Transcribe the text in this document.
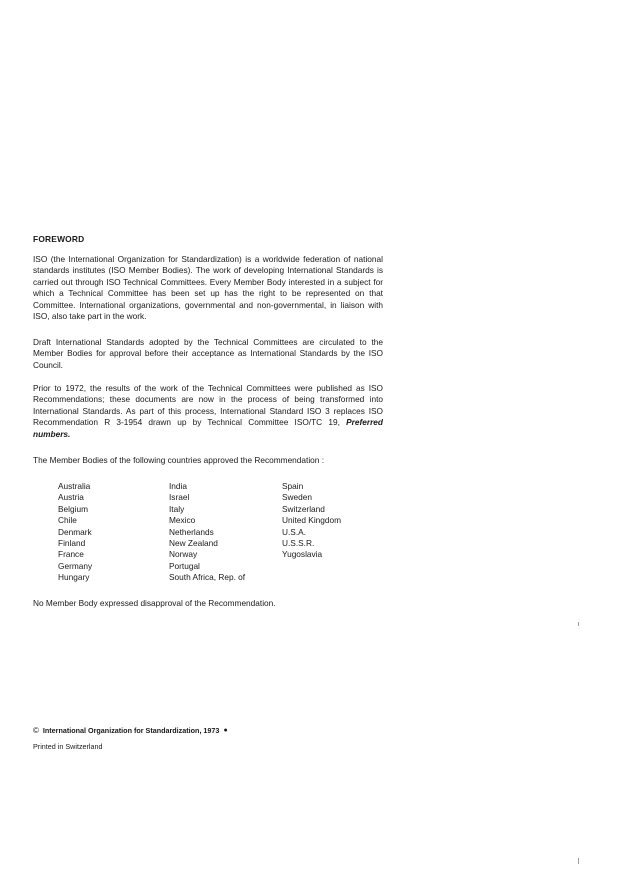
FOREWORD

ISO (the International Organization for Standardization) is a worldwide federation of national standards institutes (ISO Member Bodies). The work of developing International Standards is carried out through ISO Technical Committees. Every Member Body interested in a subject for which a Technical Committee has been set up has the right to be represented on that Committee. International organizations, governmental and non-governmental, in liaison with ISO, also take part in the work.

Draft International Standards adopted by the Technical Committees are circulated to the Member Bodies for approval before their acceptance as International Standards by the ISO Council.

Prior to 1972, the results of the work of the Technical Committees were published as ISO Recommendations; these documents are now in the process of being transformed into International Standards. As part of this process, International Standard ISO 3 replaces ISO Recommendation R 3-1954 drawn up by Technical Committee ISO/TC 19, Preferred numbers.

The Member Bodies of the following countries approved the Recommendation :

Australia
Austria
Belgium
Chile
Denmark
Finland
France
Germany
Hungary
India
Israel
Italy
Mexico
Netherlands
New Zealand
Norway
Portugal
South Africa, Rep. of
Spain
Sweden
Switzerland
United Kingdom
U.S.A.
U.S.S.R.
Yugoslavia

No Member Body expressed disapproval of the Recommendation.

© International Organization for Standardization, 1973 ●

Printed in Switzerland
